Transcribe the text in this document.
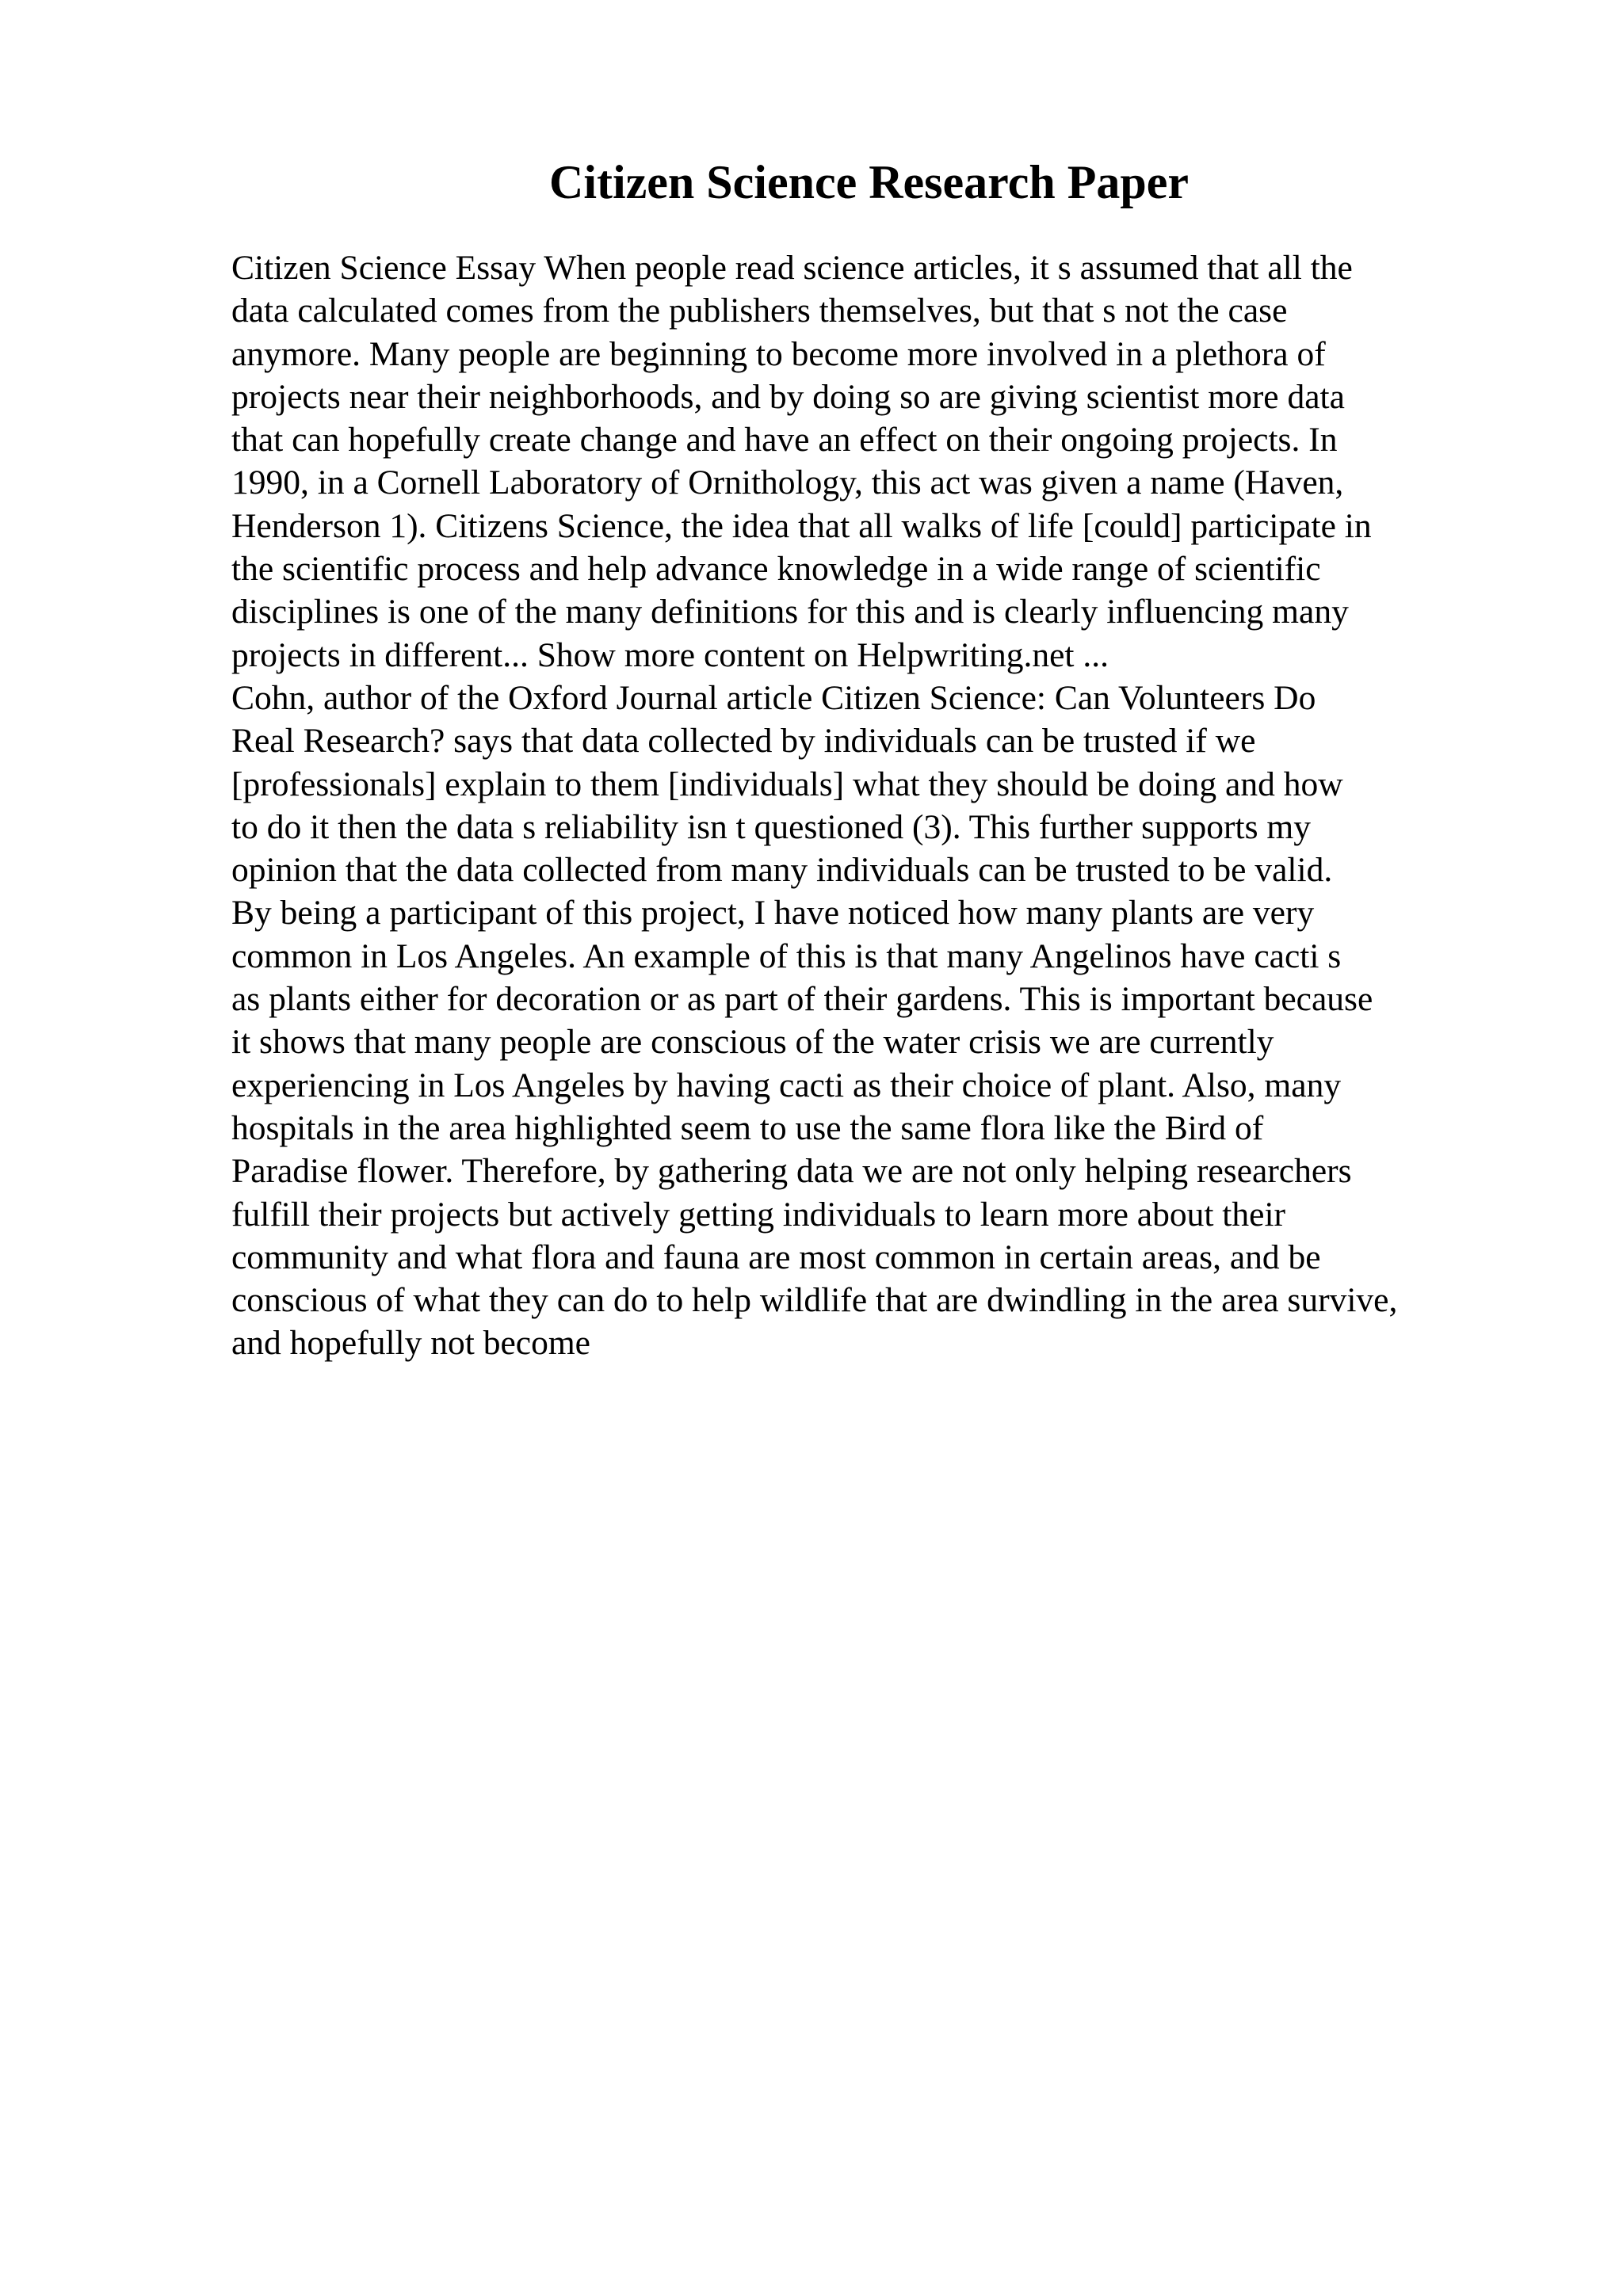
Citizen Science Research Paper
Citizen Science Essay When people read science articles, it s assumed that all the
data calculated comes from the publishers themselves, but that s not the case
anymore. Many people are beginning to become more involved in a plethora of
projects near their neighborhoods, and by doing so are giving scientist more data
that can hopefully create change and have an effect on their ongoing projects. In
1990, in a Cornell Laboratory of Ornithology, this act was given a name (Haven,
Henderson 1). Citizens Science, the idea that all walks of life [could] participate in
the scientific process and help advance knowledge in a wide range of scientific
disciplines is one of the many definitions for this and is clearly influencing many
projects in different... Show more content on Helpwriting.net ...
Cohn, author of the Oxford Journal article Citizen Science: Can Volunteers Do
Real Research? says that data collected by individuals can be trusted if we
[professionals] explain to them [individuals] what they should be doing and how
to do it then the data s reliability isn t questioned (3). This further supports my
opinion that the data collected from many individuals can be trusted to be valid.
By being a participant of this project, I have noticed how many plants are very
common in Los Angeles. An example of this is that many Angelinos have cacti s
as plants either for decoration or as part of their gardens. This is important because
it shows that many people are conscious of the water crisis we are currently
experiencing in Los Angeles by having cacti as their choice of plant. Also, many
hospitals in the area highlighted seem to use the same flora like the Bird of
Paradise flower. Therefore, by gathering data we are not only helping researchers
fulfill their projects but actively getting individuals to learn more about their
community and what flora and fauna are most common in certain areas, and be
conscious of what they can do to help wildlife that are dwindling in the area survive,
and hopefully not become
